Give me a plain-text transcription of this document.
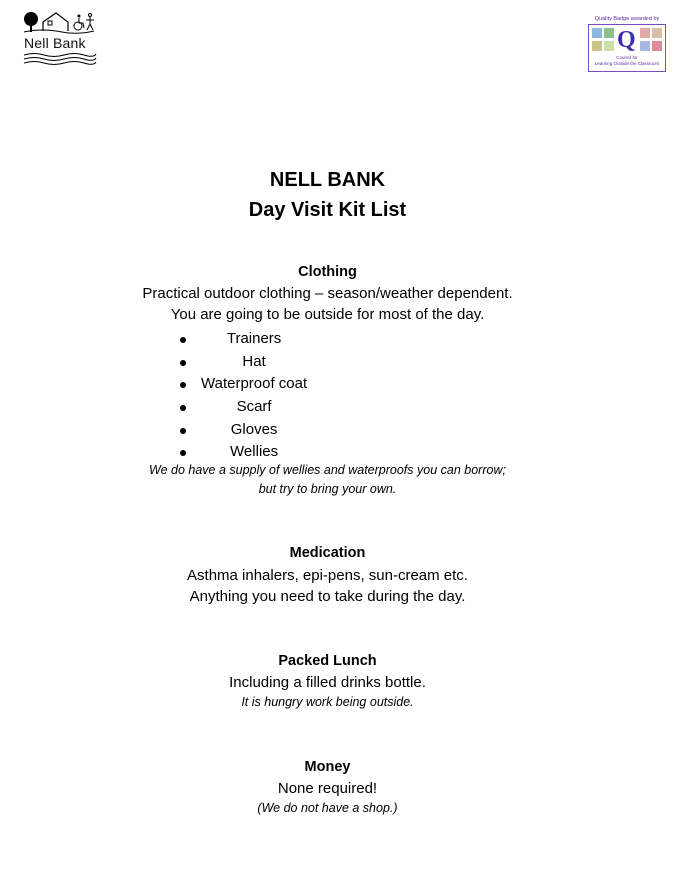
Nell Bank
Quality Badge awarded by
Q
Council for
Learning Outside the Classroom
NELL BANK
Day Visit Kit List
Clothing
Practical outdoor clothing – season/weather dependent.
You are going to be outside for most of the day.
Trainers
Hat
Waterproof coat
Scarf
Gloves
Wellies
We do have a supply of wellies and waterproofs you can borrow;
but try to bring your own.
Medication
Asthma inhalers, epi-pens, sun-cream etc.
Anything you need to take during the day.
Packed Lunch
Including a filled drinks bottle.
It is hungry work being outside.
Money
None required!
(We do not have a shop.)
